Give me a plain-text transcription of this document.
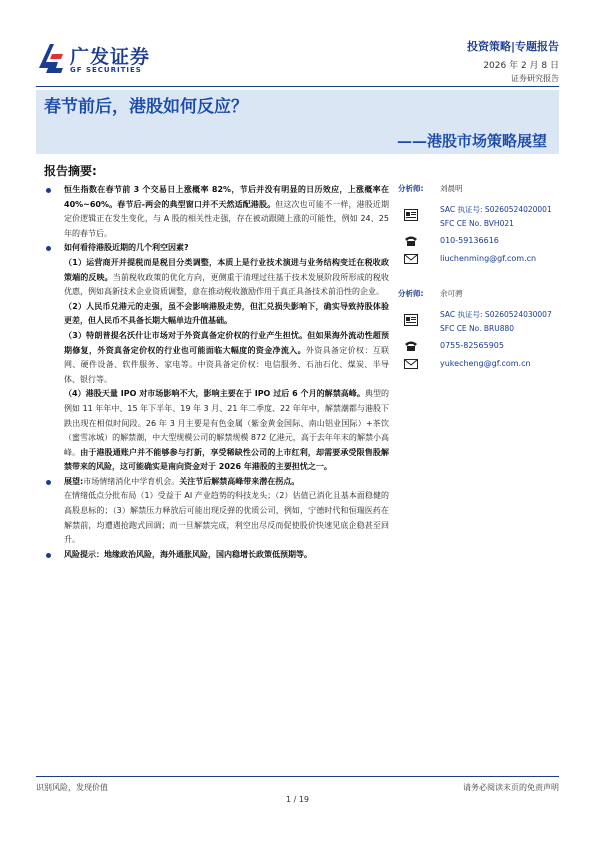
广发证券
GF SECURITIES
投资策略|专题报告
2026 年 2 月 8 日
证券研究报告
春节前后，港股如何反应？
——港股市场策略展望
报告摘要:
恒生指数在春节前 3 个交易日上涨概率 82%，节后并没有明显的日历效应，上涨概率在 40%~60%。春节后-两会的典型窗口并不天然适配港股。但这次也可能不一样，港股近期定价逻辑正在发生变化，与 A 股的相关性走强，存在被动跟随上涨的可能性，例如 24、25 年的春节后。
如何看待港股近期的几个利空因素?
（1）运营商开并提税而是税目分类调整，本质上是行业技术演进与业务结构变迁在税收政策端的反映。当前税收政策的优化方向，更侧重于清理过往基于技术发展阶段所形成的税收优惠，例如高新技术企业资质调整，意在推动税收激励作用于真正具备技术前沿性的企业。
（2）人民币兑港元的走强，虽不会影响港股走势，但汇兑损失影响下，确实导致持股体验更差，但人民币不具备长期大幅单边升值基础。
（3）特朗普提名沃什让市场对于外资真备定价权的行业产生担忧。但如果海外流动性超预期修复，外资真备定价权的行业也可能面临大幅度的资金净流入。外资具备定价权：互联网、硬件设备、软件服务、家电等。中资具备定价权：电信服务、石油石化、煤炭、半导体、银行等。
（4）港股天量 IPO 对市场影响不大，影响主要在于 IPO 过后 6 个月的解禁高峰。典型的例如 11 年年中、15 年下半年、19 年 3 月、21 年二季度、22 年年中，解禁潮都与港股下跌出现在相似时间段。26 年 3 月主要是有色金属（紫金黄金国际、南山铝业国际）+茶饮（蜜雪冰城）的解禁潮，中大型规模公司的解禁规模 872 亿港元，高于去年年末的解禁小高峰。由于港股通账户并不能够参与打新，享受稀缺性公司的上市红利，却需要承受限售股解禁带来的风险，这可能确实是南向资金对于 2026 年港股的主要担忧之一。
展望:市场情绪消化中学育机会。关注节后解禁高峰带来潜在拐点。
在情绪低点分批布局（1）受益于 AI 产业趋势的科技龙头；（2）估值已消化且基本面稳健的高股息标的；（3）解禁压力释放后可能出现反弹的优质公司，例如，宁德时代和恒瑞医药在解禁前，均遭遇抢跑式回调；而一旦解禁完成，利空出尽反而促使股价快速见底企稳甚至回升。
风险提示：地缘政治风险，海外通胀风险，国内稳增长政策低预期等。
分析师: 刘晨明
SAC 执证号: S0260524020001
SFC CE No. BVH021
010-59136616
liuchenming@gf.com.cn
分析师: 余可骋
SAC 执证号: S0260524030007
SFC CE No. BRU880
0755-82565905
yukecheng@gf.com.cn
识别风险，发现价值	请务必阅读末页的免责声明
1 / 19
